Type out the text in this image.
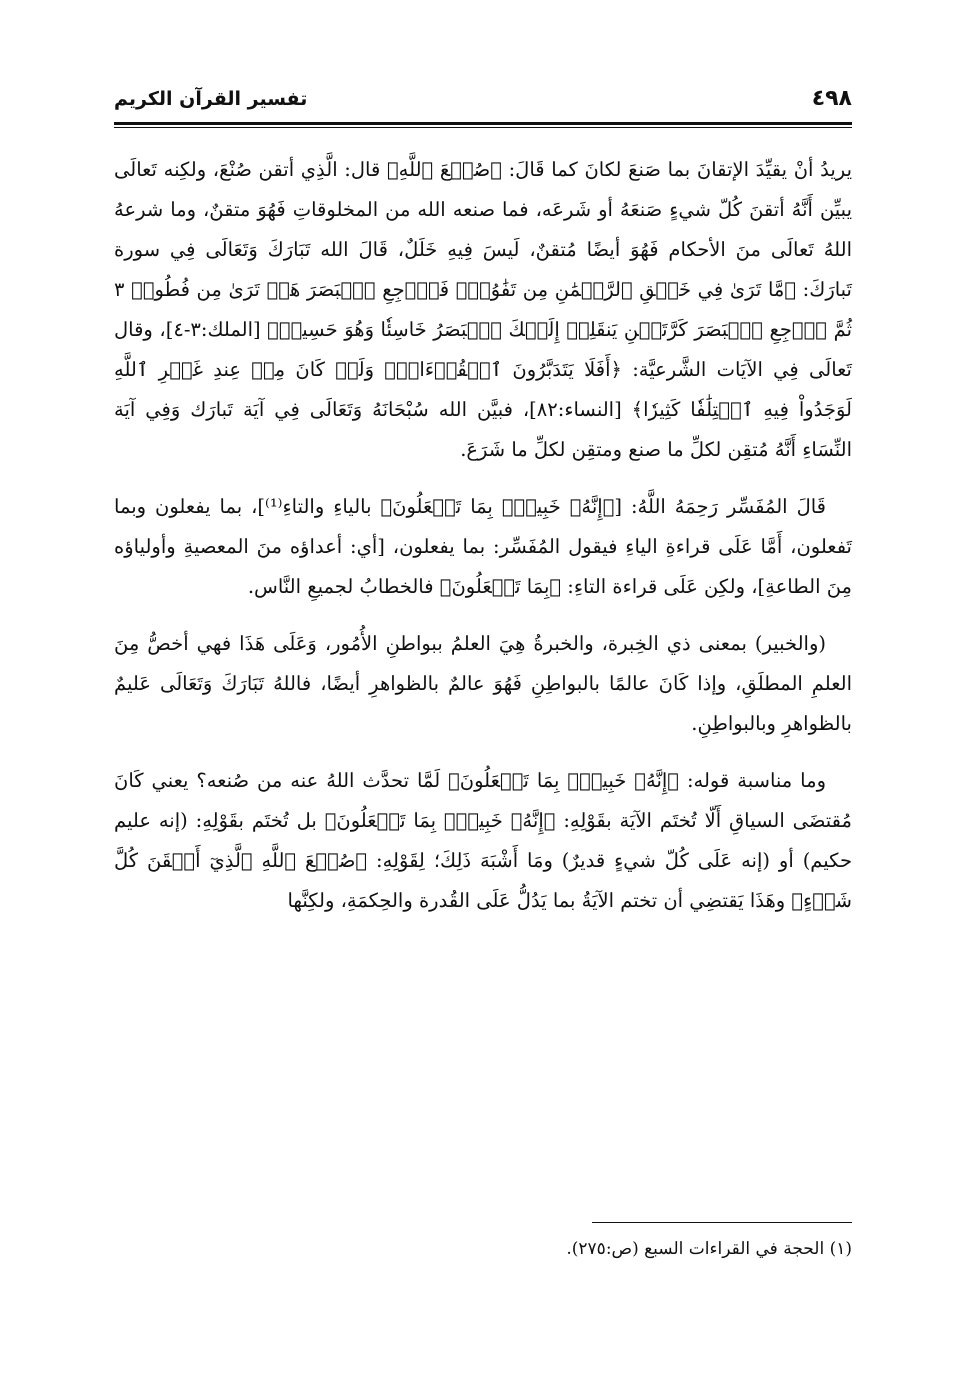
٤٩٨
تفسير القرآن الكريم

يريدُ أنْ يقيِّدَ الإتقانَ بما صَنعَ لكانَ كما قَالَ: ﴿صُنۡعَ ٱللَّهِ﴾ قال: الَّذِي أتقن صُنْعَ، ولكِنه تَعالَى يبيِّن أَنَّهُ أتقنَ كُلّ شيءٍ صَنعَهُ أو شَرعَه، فما صنعه الله من المخلوقاتِ فَهُوَ متقنٌ، وما شرعهُ اللهُ تَعالَى منَ الأحكام فَهُوَ أيضًا مُتقنٌ، لَيسَ فِيهِ خَلَلٌ، قَالَ الله تَبَارَكَ وَتَعَالَى فِي سورة تَبارَكَ: ﴿مَّا تَرَىٰ فِي خَلۡقِ ٱلرَّحۡمَٰنِ مِن تَفَٰوُتٖۖ فَٱرۡجِعِ ٱلۡبَصَرَ هَلۡ تَرَىٰ مِن فُطُورٖ ٣ ثُمَّ ٱرۡجِعِ ٱلۡبَصَرَ كَرَّتَيۡنِ يَنقَلِبۡ إِلَيۡكَ ٱلۡبَصَرُ خَاسِئٗا وَهُوَ حَسِيرٞ﴾ [الملك:٣-٤]، وقال تَعالَى فِي الآيَات الشَّرعيَّة: ﴿أَفَلَا يَتَدَبَّرُونَ ٱلۡقُرۡءَانَۚ وَلَوۡ كَانَ مِنۡ عِندِ غَيۡرِ ٱللَّهِ لَوَجَدُواْ فِيهِ ٱخۡتِلَٰفٗا كَثِيرٗا﴾ [النساء:٨٢]، فبيَّن الله سُبْحَانَهُ وَتَعَالَى فِي آيَة تَبارَك وَفِي آيَة النِّسَاءِ أَنَّهُ مُتقِن لكلِّ ما صنع ومتقِن لكلِّ ما شَرَعَ.

قَالَ المُفَسِّر رَحِمَهُ اللَّهُ: [﴿إِنَّهُۥ خَبِيرُۢ بِمَا تَفۡعَلُونَ﴾ بالياءِ والتاءِ⁽¹⁾]، بما يفعلون وبما تَفعلون، أَمَّا عَلَى قراءةِ الياءِ فيقول المُفَسِّر: بما يفعلون، [أي: أعداؤه منَ المعصيةِ وأولياؤه مِنَ الطاعةِ]، ولكِن عَلَى قراءة التاءِ: ﴿بِمَا تَفۡعَلُونَ﴾ فالخطابُ لجميعِ النَّاس.

(والخبير) بمعنى ذي الخِبرة، والخبرةُ هِيَ العلمُ ببواطنِ الأُمُور، وَعَلَى هَذَا فهي أخصُّ مِنَ العلمِ المطلَقِ، وإذا كَانَ عالمًا بالبواطِنِ فَهُوَ عالمٌ بالظواهرِ أيضًا، فاللهُ تَبَارَكَ وَتَعَالَى عَليمٌ بالظواهرِ وبالبواطِنِ.

وما مناسبة قوله: ﴿إِنَّهُۥ خَبِيرُۢ بِمَا تَفۡعَلُونَ﴾ لَمَّا تحدَّث اللهُ عنه من صُنعه؟ يعني كَانَ مُقتضَى السياقِ أَلّا تُختَم الآيَة بقَوْلِهِ: ﴿إِنَّهُۥ خَبِيرُۢ بِمَا تَفۡعَلُونَ﴾ بل تُختَم بقَوْلِهِ: (إنه عليم حكيم) أو (إنه عَلَى كُلّ شيءٍ قديرٌ) ومَا أَشْبَهَ ذَلِكَ؛ لِقَوْلِهِ: ﴿صُنۡعَ ٱللَّهِ ٱلَّذِيٓ أَتۡقَنَ كُلَّ شَيۡءٍ﴾ وهَذَا يَقتضِي أن تختم الآيَةُ بما يَدُلُّ عَلَى القُدرة والحِكمَةِ، ولكِنَّها

(١) الحجة في القراءات السبع (ص:٢٧٥).
